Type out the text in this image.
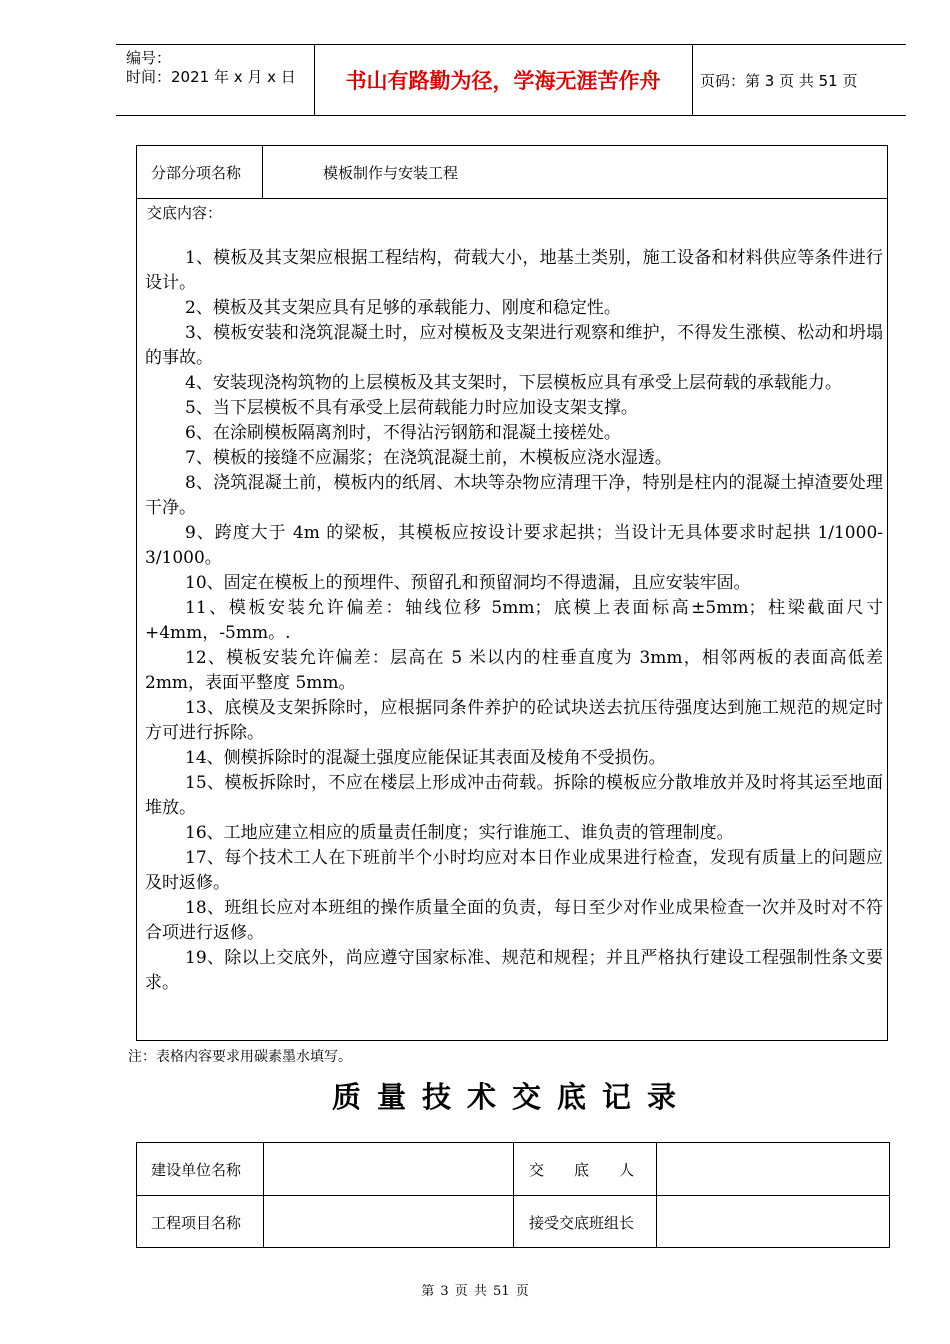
编号：
时间：2021 年 x 月 x 日	书山有路勤为径，学海无涯苦作舟	页码：第 3 页 共 51 页
分部分项名称	模板制作与安装工程
交底内容：

1、模板及其支架应根据工程结构，荷载大小，地基土类别，施工设备和材料供应等条件进行设计。

2、模板及其支架应具有足够的承载能力、刚度和稳定性。

3、模板安装和浇筑混凝土时，应对模板及支架进行观察和维护，不得发生涨模、松动和坍塌的事故。

4、安装现浇构筑物的上层模板及其支架时，下层模板应具有承受上层荷载的承载能力。

5、当下层模板不具有承受上层荷载能力时应加设支架支撑。

6、在涂刷模板隔离剂时，不得沾污钢筋和混凝土接槎处。

7、模板的接缝不应漏浆；在浇筑混凝土前，木模板应浇水湿透。

8、浇筑混凝土前，模板内的纸屑、木块等杂物应清理干净，特别是柱内的混凝土掉渣要处理干净。

9、跨度大于 4m 的梁板，其模板应按设计要求起拱；当设计无具体要求时起拱 1/1000-3/1000。

10、固定在模板上的预埋件、预留孔和预留洞均不得遗漏，且应安装牢固。

11、模板安装允许偏差：轴线位移 5mm；底模上表面标高±5mm；柱梁截面尺寸+4mm，-5mm。.

12、模板安装允许偏差：层高在 5 米以内的柱垂直度为 3mm，相邻两板的表面高低差 2mm，表面平整度 5mm。

13、底模及支架拆除时，应根据同条件养护的砼试块送去抗压待强度达到施工规范的规定时方可进行拆除。

14、侧模拆除时的混凝土强度应能保证其表面及棱角不受损伤。

15、模板拆除时，不应在楼层上形成冲击荷载。拆除的模板应分散堆放并及时将其运至地面堆放。

16、工地应建立相应的质量责任制度；实行谁施工、谁负责的管理制度。

17、每个技术工人在下班前半个小时均应对本日作业成果进行检查，发现有质量上的问题应及时返修。

18、班组长应对本班组的操作质量全面的负责，每日至少对作业成果检查一次并及时对不符合项进行返修。

19、除以上交底外，尚应遵守国家标准、规范和规程；并且严格执行建设工程强制性条文要求。

注：表格内容要求用碳素墨水填写。
质量技术交底记录
建设单位名称	交　　底　　人
工程项目名称	接受交底班组长
第 3 页 共 51 页
